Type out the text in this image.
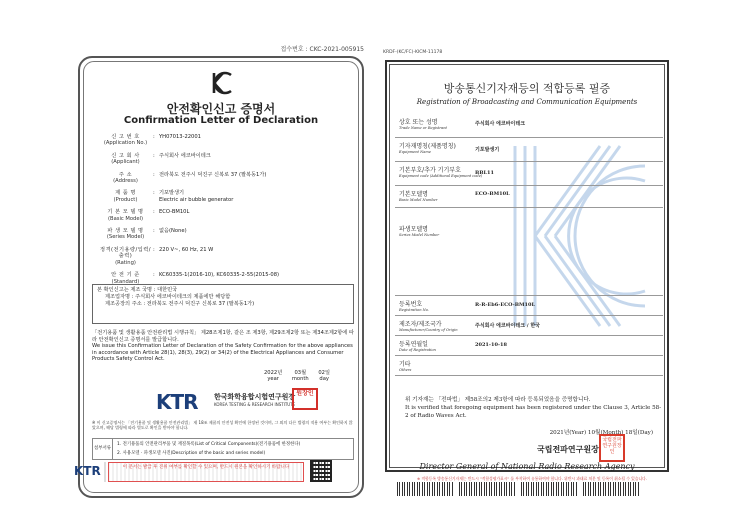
접수번호 : CKC-2021-005915
안전확인신고 증명서
Confirmation Letter of Declaration
신 고 번 호
(Application No.)
: YH07013-22001
신 고 회 사
(Applicant)
: 주식회사 에코바이테크
주 소
(Address)
: 전라북도 전주시 덕진구 신복로 37 (팔복동1가)
제 품 명
(Product)
: 기포발생기
Electric air bubble generator
기 본 모 델 명
(Basic Model)
: ECO-BM10L
파 생 모 델 명
(Series Model)
: 없음(None)
정격(전기용량/입력/출력)
(Rating)
: 220 V~, 60 Hz, 21 W
안 전 기 준
(Standard)
: KC60335-1(2016-10), KC60335-2-55(2015-08)
본 확인신고는 제조 국명 : 대한민국
제조업자명 : 주식회사 에코바이테크의 제품에만 해당함
제조공장의 주소 : 전라북도 전주시 덕진구 신복로 37 (팔복동1가)
「전기용품 및 생활용품 안전관리법 시행규칙」 제28조제1항, 같은 조 제3항, 제29조제2항 또는 제34조제2항에 따라 안전확인신고 증명서를 발급합니다.
We issue this Confirmation Letter of Declaration of the Safety Confirmation for the above appliances in accordance with Article 28(1), 28(3), 29(2) or 34(2) of the Electrical Appliances and Consumer Products Safety Control Act.
2022년
year 03월
month 02일
day
KTR 한국화학융합시험연구원장
KOREA TESTING & RESEARCH INSTITUTE
원장인
※ 이 신고증명서는 「전기용품 및 생활용품 안전관리법」 제 18조 제품의 안전성 확인에 한정된 것이며, 그 외의 다른 법령의 적용 여부는 확인하지 않았으며, 해당 법령에 따라 별도로 확인을 받아야 합니다.
첨부서류
1. 전기용품의 안전관리부품 및 재질목록(List of Critical Components)(전기용품에 한정한다)
2. 사용모델 · 파생모델 사진(Description of the basic and series model)
KTR	이 문서는 발급 후 진위 여부를 확인할 수 있으며, 반드시 원본을 확인하시기 바랍니다
KRDF-(KC/FC)-KICM-11178
방송통신기자재등의 적합등록 필증
Registration of Broadcasting and Communication Equipments
상호 또는 성명
Trade Name or Registrant
주식회사 에코바이테크
기자재명칭(제품명칭)
Equipment Name	기포발생기
기본부호/추가 기기부호
Equipment code (Additional Equipment code)
BBL11
기본모델명
Basic Model Number
ECO-BM10L
파생모델명
Series Model Number
등록번호
Registration No.
R-R-Eb6-ECO-BM10L
제조자/제조국가
Manufacturer/Country of Origin
주식회사 에코바이테크 / 한국
등록연월일
Date of Registration
2021-10-18
기타
Others
위 기자재는 「전파법」 제58조의2 제3항에 따라 등록되었음을 증명합니다.
It is verified that foregoing equipment has been registered under the Clause 3, Article 58-2 of Radio Waves Act.
2021년(Year) 10월(Month) 18일(Day)
국립전파연구원장
국립전파연구원장인
Director General of National Radio Research Agency
※ 적합등록 방송통신기자재는 반드시 "적합성평가표시" 를 부착하여 유통하여야 합니다. 위반시 과태료 처분 및 등록이 취소될 수 있습니다.
